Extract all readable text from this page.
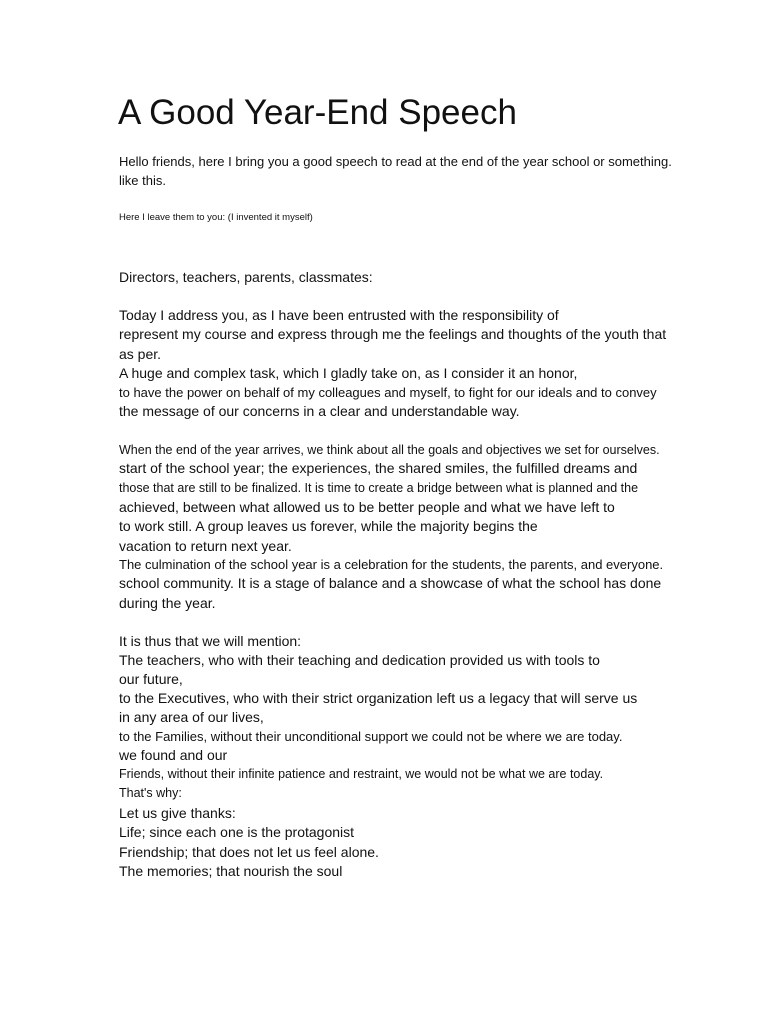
A Good Year-End Speech
Hello friends, here I bring you a good speech to read at the end of the year school or something.
like this.
Here I leave them to you: (I invented it myself)
Directors, teachers, parents, classmates:
Today I address you, as I have been entrusted with the responsibility of
represent my course and express through me the feelings and thoughts of the youth that
as per.
A huge and complex task, which I gladly take on, as I consider it an honor,
to have the power on behalf of my colleagues and myself, to fight for our ideals and to convey
the message of our concerns in a clear and understandable way.
When the end of the year arrives, we think about all the goals and objectives we set for ourselves.
start of the school year; the experiences, the shared smiles, the fulfilled dreams and
those that are still to be finalized. It is time to create a bridge between what is planned and the
achieved, between what allowed us to be better people and what we have left to
to work still. A group leaves us forever, while the majority begins the
vacation to return next year.
The culmination of the school year is a celebration for the students, the parents, and everyone.
school community. It is a stage of balance and a showcase of what the school has done
during the year.
It is thus that we will mention:
The teachers, who with their teaching and dedication provided us with tools to
our future,
to the Executives, who with their strict organization left us a legacy that will serve us
in any area of our lives,
to the Families, without their unconditional support we could not be where we are today.
we found and our
Friends, without their infinite patience and restraint, we would not be what we are today.
That's why:
Let us give thanks:
Life; since each one is the protagonist
Friendship; that does not let us feel alone.
The memories; that nourish the soul
